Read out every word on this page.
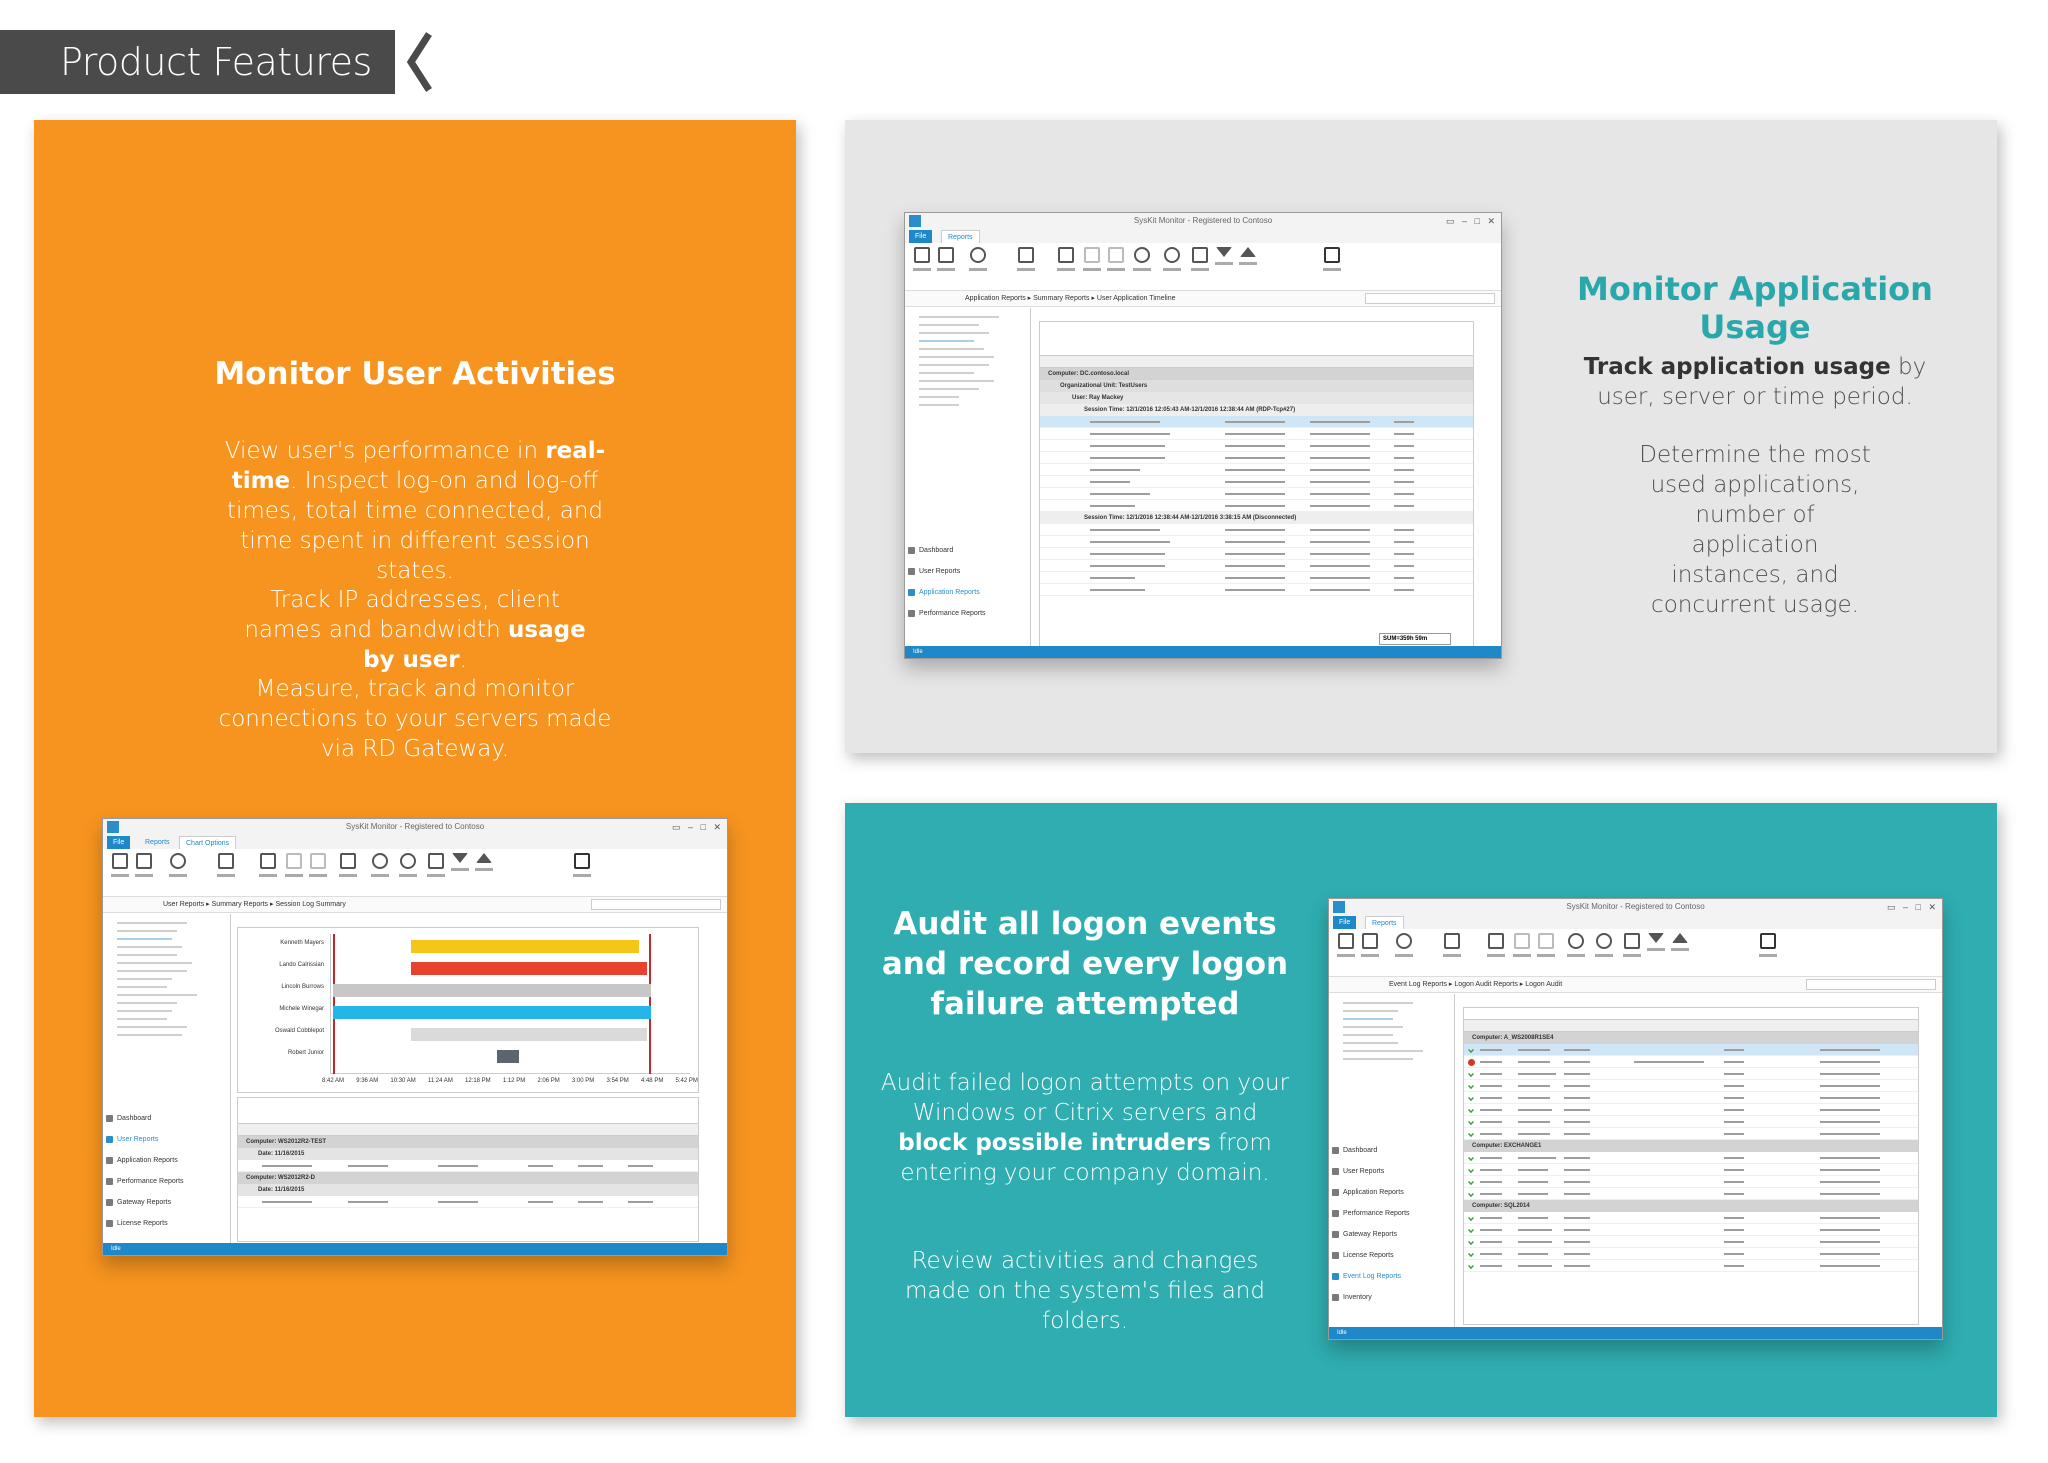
Product Features
Monitor User Activities
View user's performance in real-time. Inspect log-on and log-off times, total time connected, and time spent in different session states.
Track IP addresses, client names and bandwidth usage by user.
Measure, track and monitor connections to your servers made via RD Gateway.
Monitor Application Usage
Track application usage by user, server or time period.
Determine the most used applications, number of application instances, and concurrent usage.
Audit all logon events and record every logon failure attempted
Audit failed logon attempts on your Windows or Citrix servers and block possible intruders from entering your company domain.
Review activities and changes made on the system's files and folders.
SysKit Monitor - Registered to Contoso	▭   –   □   ✕
File	Reports
Application Reports ▸ Summary Reports ▸ User Application Timeline
Dashboard
User Reports
Application Reports
Performance Reports
Computer: DC.contoso.local
Organizational Unit: TestUsers
User: Ray Mackey
Session Time: 12/1/2016 12:05:43 AM-12/1/2016 12:38:44 AM (RDP-Tcp#27)
Session Time: 12/1/2016 12:38:44 AM-12/1/2016 3:38:15 AM (Disconnected)
SUM=359h 59m
Idle
SysKit Monitor - Registered to Contoso	▭   –   □   ✕
File	Reports	Chart Options
User Reports ▸ Summary Reports ▸ Session Log Summary
Dashboard
User Reports
Application Reports
Performance Reports
Gateway Reports
License Reports
Kenneth Mayers
Lando Calrissian
Lincoln Burrows
Michele Winegar
Oswald Cobblepot
Robert Junior
8:42 AM 9:36 AM 10:30 AM 11:24 AM 12:18 PM 1:12 PM 2:06 PM 3:00 PM 3:54 PM 4:48 PM 5:42 PM
Computer: WS2012R2-TEST
Date: 11/16/2015
Computer: WS2012R2-D
Date: 11/16/2015
Idle
SysKit Monitor - Registered to Contoso	▭   –   □   ✕
File	Reports
Event Log Reports ▸ Logon Audit Reports ▸ Logon Audit
Dashboard
User Reports
Application Reports
Performance Reports
Gateway Reports
License Reports
Event Log Reports
Inventory
Computer: A_WS2008R1SE4
Computer: EXCHANGE1
Computer: SQL2014
Idle
